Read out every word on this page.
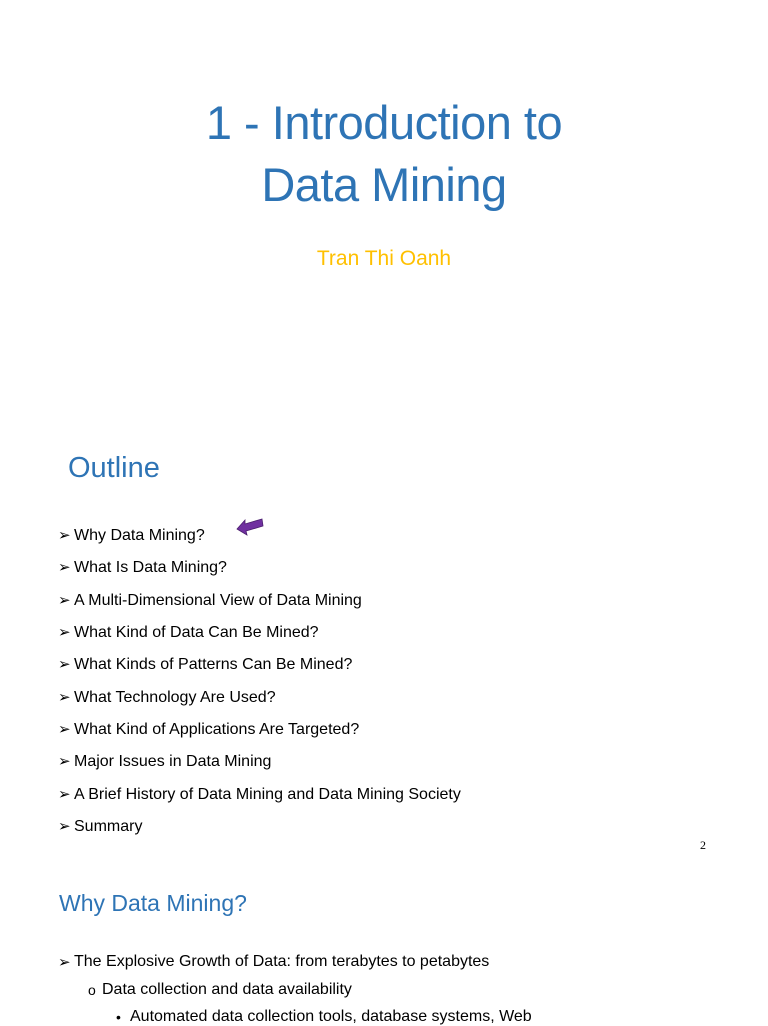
1 - Introduction to
Data Mining
Tran Thi Oanh
Outline
➢ Why Data Mining?
➢ What Is Data Mining?
➢ A Multi-Dimensional View of Data Mining
➢ What Kind of Data Can Be Mined?
➢ What Kinds of Patterns Can Be Mined?
➢ What Technology Are Used?
➢ What Kind of Applications Are Targeted?
➢ Major Issues in Data Mining
➢ A Brief History of Data Mining and Data Mining Society
➢ Summary
2
Why Data Mining?
➢ The Explosive Growth of Data: from terabytes to petabytes
o Data collection and data availability
• Automated data collection tools, database systems, Web
